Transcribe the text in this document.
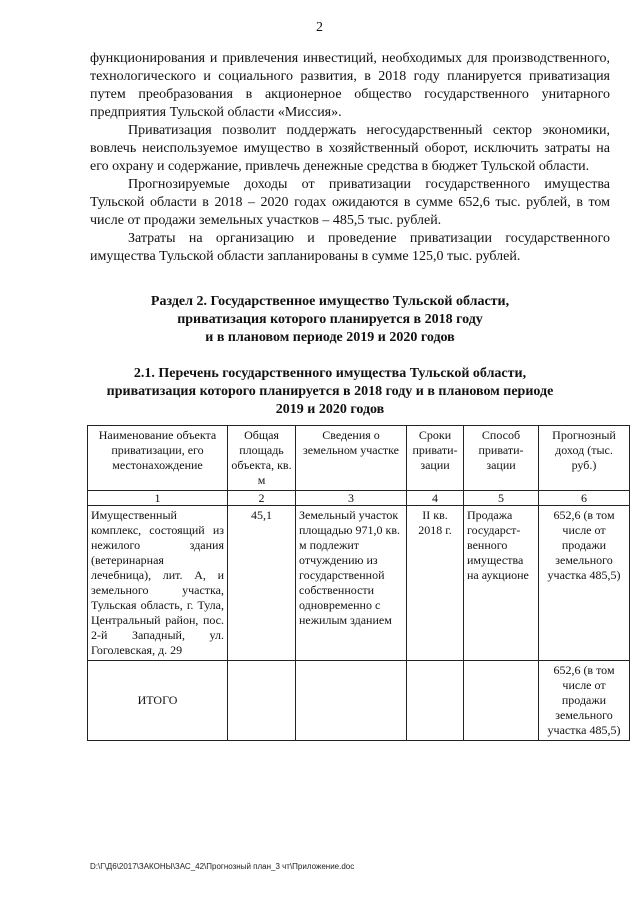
2

функционирования и привлечения инвестиций, необходимых для производственного, технологического и социального развития, в 2018 году планируется приватизация путем преобразования в акционерное общество государственного унитарного предприятия Тульской области «Миссия».

Приватизация позволит поддержать негосударственный сектор экономики, вовлечь неиспользуемое имущество в хозяйственный оборот, исключить затраты на его охрану и содержание, привлечь денежные средства в бюджет Тульской области.

Прогнозируемые доходы от приватизации государственного имущества Тульской области в 2018 – 2020 годах ожидаются в сумме 652,6 тыс. рублей, в том числе от продажи земельных участков – 485,5 тыс. рублей.

Затраты на организацию и проведение приватизации государственного имущества Тульской области запланированы в сумме 125,0 тыс. рублей.

Раздел 2. Государственное имущество Тульской области,
приватизация которого планируется в 2018 году
и в плановом периоде 2019 и 2020 годов
2.1. Перечень государственного имущества Тульской области,
приватизация которого планируется в 2018 году и в плановом периоде
2019 и 2020 годов
Наименование объекта приватизации, его местонахождение	Общая площадь объекта, кв. м	Сведения о земельном участке	Сроки привати-зации	Способ привати-зации	Прогнозный доход (тыс. руб.)
1	2	3	4	5	6
Имущественный комплекс, состоящий из нежилого здания (ветеринарная лечебница), лит. А, и земельного участка, Тульская область, г. Тула, Центральный район, пос. 2-й Западный, ул. Гоголевская, д. 29	45,1	Земельный участок площадью 971,0 кв. м подлежит отчуждению из государственной собственности одновременно с нежилым зданием	II кв. 2018 г.	Продажа государст-венного имущества на аукционе	652,6 (в том числе от продажи земельного участка 485,5)
ИТОГО					652,6 (в том числе от продажи земельного участка 485,5)
D:\Г\Д6\2017\ЗАКОНЫ\ЗАС_42\Прогнозный план_3 чт\Приложение.doc
